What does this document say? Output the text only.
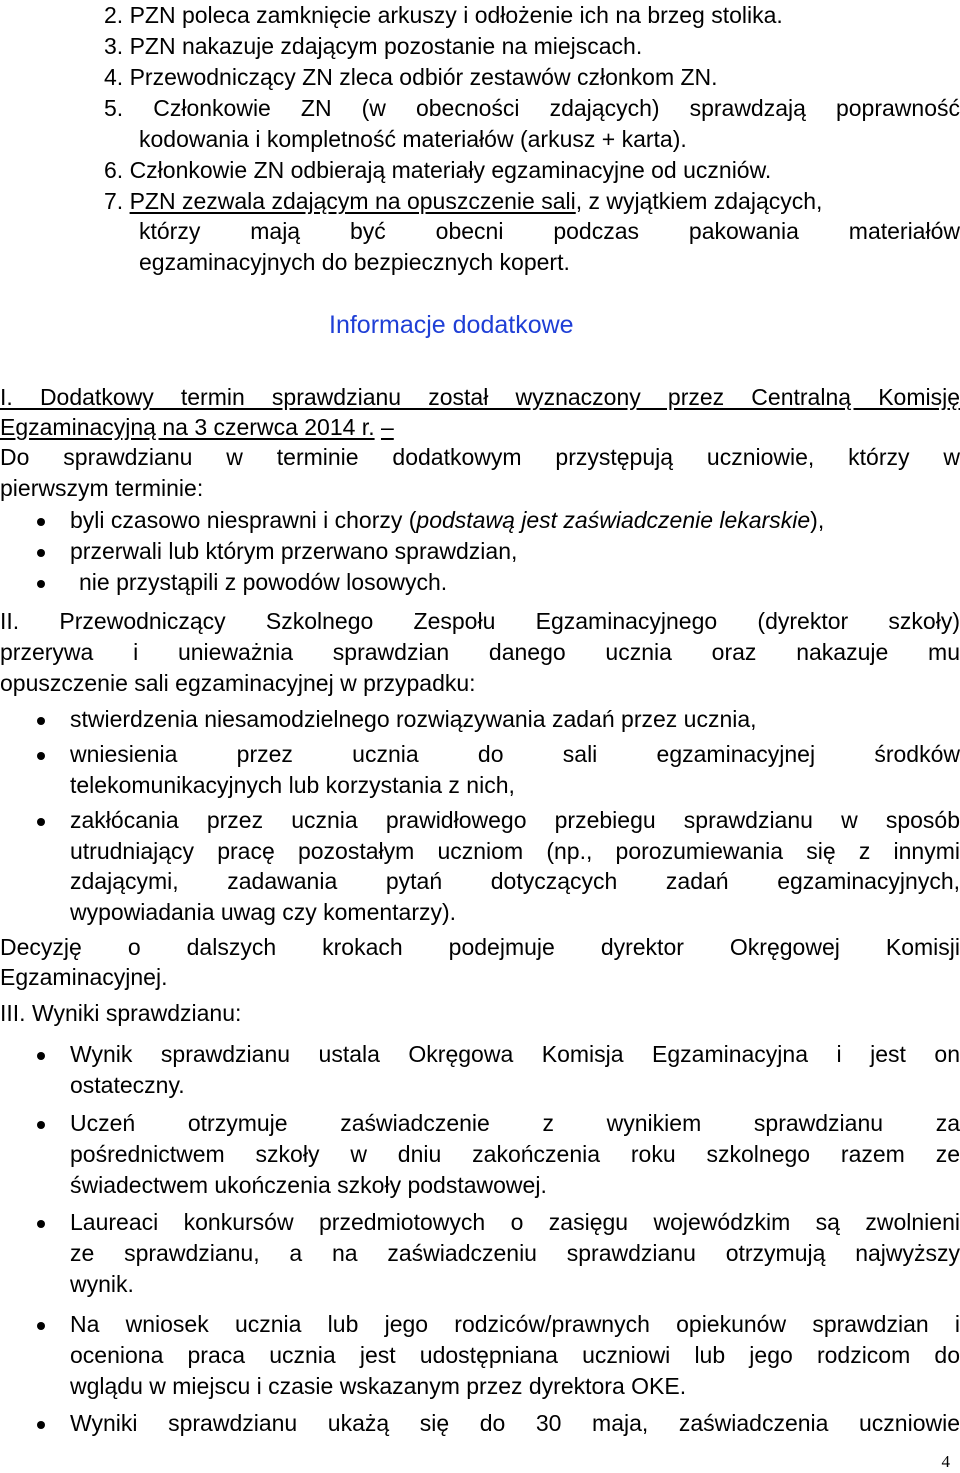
2. PZN poleca zamknięcie arkuszy i odłożenie ich na brzeg stolika.
3. PZN nakazuje zdającym pozostanie na miejscach.
4. Przewodniczący ZN zleca odbiór zestawów członkom ZN.
5. Członkowie ZN (w obecności zdających) sprawdzają poprawność
kodowania i kompletność materiałów (arkusz + karta).
6. Członkowie ZN odbierają materiały egzaminacyjne od uczniów.
7. PZN zezwala zdającym na opuszczenie sali, z wyjątkiem zdających,
którzy mają być obecni podczas pakowania materiałów
egzaminacyjnych do bezpiecznych kopert.
Informacje dodatkowe
I. Dodatkowy termin sprawdzianu został wyznaczony przez Centralną Komisję
Egzaminacyjną na 3 czerwca 2014 r. –
Do sprawdzianu w terminie dodatkowym przystępują uczniowie, którzy w
pierwszym terminie:
byli czasowo niesprawni i chorzy (podstawą jest zaświadczenie lekarskie),
przerwali lub którym przerwano sprawdzian,
nie przystąpili z powodów losowych.
II. Przewodniczący Szkolnego Zespołu Egzaminacyjnego (dyrektor szkoły)
przerywa i unieważnia sprawdzian danego ucznia oraz nakazuje mu
opuszczenie sali egzaminacyjnej w przypadku:
stwierdzenia niesamodzielnego rozwiązywania zadań przez ucznia,
wniesienia przez ucznia do sali egzaminacyjnej środków
telekomunikacyjnych lub korzystania z nich,
zakłócania przez ucznia prawidłowego przebiegu sprawdzianu w sposób
utrudniający pracę pozostałym uczniom (np., porozumiewania się z innymi
zdającymi, zadawania pytań dotyczących zadań egzaminacyjnych,
wypowiadania uwag czy komentarzy).
Decyzję o dalszych krokach podejmuje dyrektor Okręgowej Komisji
Egzaminacyjnej.
III. Wyniki sprawdzianu:
Wynik sprawdzianu ustala Okręgowa Komisja Egzaminacyjna i jest on
ostateczny.
Uczeń otrzymuje zaświadczenie z wynikiem sprawdzianu za
pośrednictwem szkoły w dniu zakończenia roku szkolnego razem ze
świadectwem ukończenia szkoły podstawowej.
Laureaci konkursów przedmiotowych o zasięgu wojewódzkim są zwolnieni
ze sprawdzianu, a na zaświadczeniu sprawdzianu otrzymują najwyższy
wynik.
Na wniosek ucznia lub jego rodziców/prawnych opiekunów sprawdzian i
oceniona praca ucznia jest udostępniana uczniowi lub jego rodzicom do
wglądu w miejscu i czasie wskazanym przez dyrektora OKE.
Wyniki sprawdzianu ukażą się do 30 maja, zaświadczenia uczniowie
4
